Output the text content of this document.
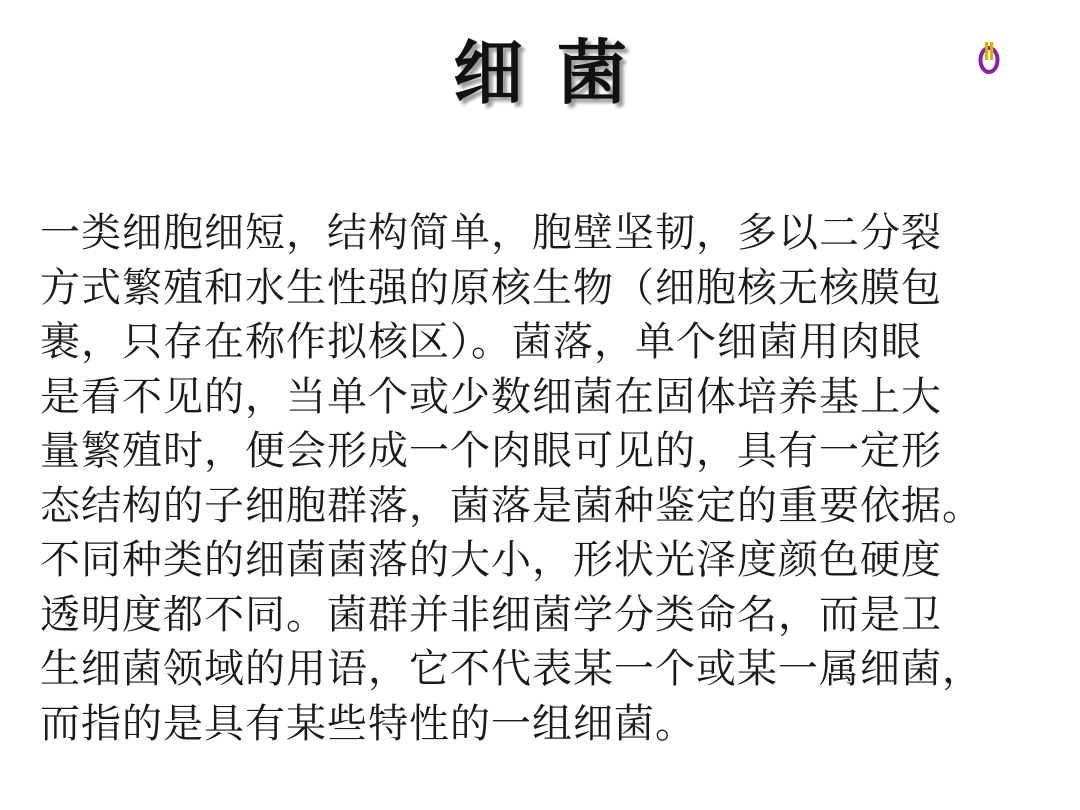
细菌
一类细胞细短，结构简单，胞壁坚韧，多以二分裂
方式繁殖和水生性强的原核生物（细胞核无核膜包
裹，只存在称作拟核区）。菌落，单个细菌用肉眼
是看不见的，当单个或少数细菌在固体培养基上大
量繁殖时，便会形成一个肉眼可见的，具有一定形
态结构的子细胞群落，菌落是菌种鉴定的重要依据。
不同种类的细菌菌落的大小，形状光泽度颜色硬度
透明度都不同。菌群并非细菌学分类命名，而是卫
生细菌领域的用语，它不代表某一个或某一属细菌，
而指的是具有某些特性的一组细菌。
